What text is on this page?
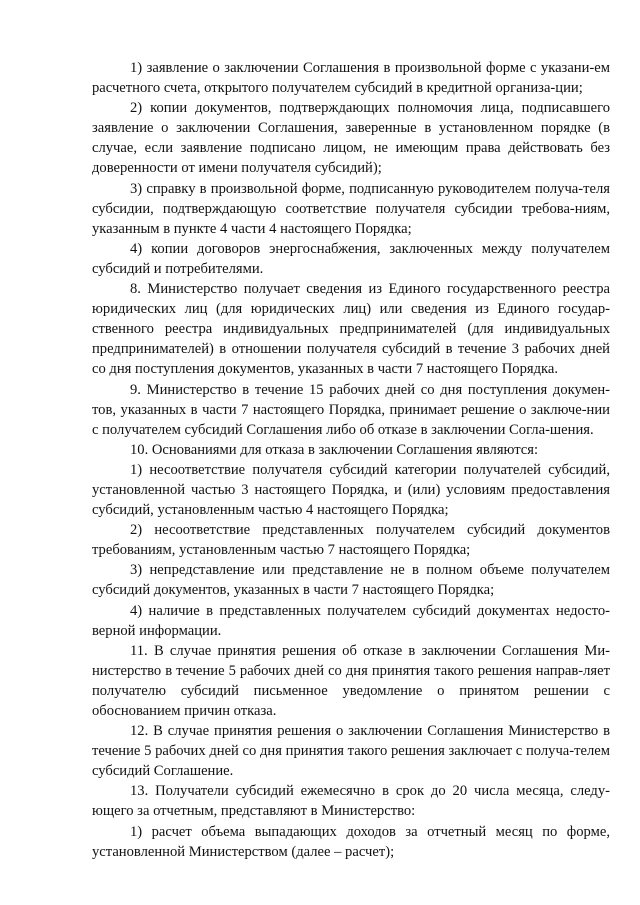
1) заявление о заключении Соглашения в произвольной форме с указани-ем расчетного счета, открытого получателем субсидий в кредитной организа-ции;

2) копии документов, подтверждающих полномочия лица, подписавшего заявление о заключении Соглашения, заверенные в установленном порядке (в случае, если заявление подписано лицом, не имеющим права действовать без доверенности от имени получателя субсидий);

3) справку в произвольной форме, подписанную руководителем получа-теля субсидии, подтверждающую соответствие получателя субсидии требова-ниям, указанным в пункте 4 части 4 настоящего Порядка;

4) копии договоров энергоснабжения, заключенных между получателем субсидий и потребителями.

8. Министерство получает сведения из Единого государственного реестра юридических лиц (для юридических лиц) или сведения из Единого государ-ственного реестра индивидуальных предпринимателей (для индивидуальных предпринимателей) в отношении получателя субсидий в течение 3 рабочих дней со дня поступления документов, указанных в части 7 настоящего Порядка.

9. Министерство в течение 15 рабочих дней со дня поступления докумен-тов, указанных в части 7 настоящего Порядка, принимает решение о заключе-нии с получателем субсидий Соглашения либо об отказе в заключении Согла-шения.

10. Основаниями для отказа в заключении Соглашения являются:

1) несоответствие получателя субсидий категории получателей субсидий, установленной частью 3 настоящего Порядка, и (или) условиям предоставления субсидий, установленным частью 4 настоящего Порядка;

2) несоответствие представленных получателем субсидий документов требованиям, установленным частью 7 настоящего Порядка;

3) непредставление или представление не в полном объеме получателем субсидий документов, указанных в части 7 настоящего Порядка;

4) наличие в представленных получателем субсидий документах недосто-верной информации.

11. В случае принятия решения об отказе в заключении Соглашения Ми-нистерство в течение 5 рабочих дней со дня принятия такого решения направ-ляет получателю субсидий письменное уведомление о принятом решении с обоснованием причин отказа.

12. В случае принятия решения о заключении Соглашения Министерство в течение 5 рабочих дней со дня принятия такого решения заключает с получа-телем субсидий Соглашение.

13. Получатели субсидий ежемесячно в срок до 20 числа месяца, следу-ющего за отчетным, представляют в Министерство:

1) расчет объема выпадающих доходов за отчетный месяц по форме, установленной Министерством (далее – расчет);
